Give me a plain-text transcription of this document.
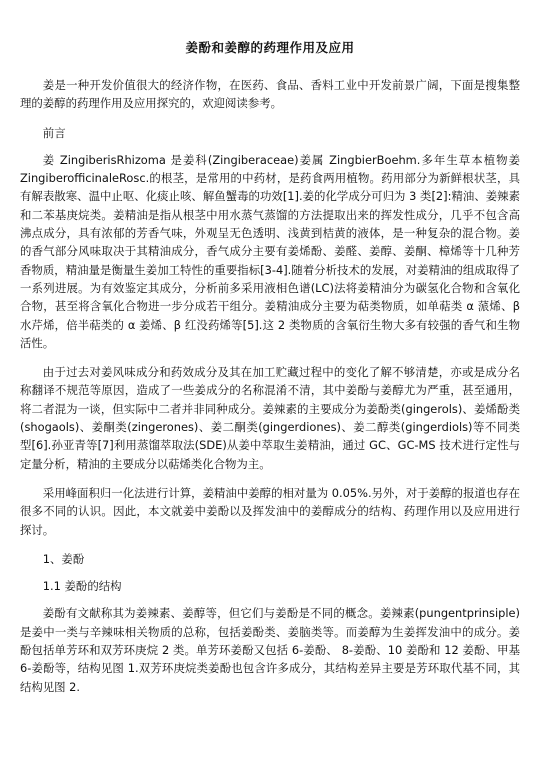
姜酚和姜醇的药理作用及应用

姜是一种开发价值很大的经济作物，在医药、食品、香料工业中开发前景广阔，下面是搜集整理的姜醇的药理作用及应用探究的，欢迎阅读参考。

前言

姜 ZingiberisRhizoma 是姜科(Zingiberaceae)姜属 ZingbierBoehm.多年生草本植物姜 ZingiberofficinaleRosc.的根茎，是常用的中药材，是药食两用植物。药用部分为新鲜根状茎，具有解表散寒、温中止呕、化痰止咳、解鱼蟹毒的功效[1].姜的化学成分可归为 3 类[2]:精油、姜辣素和二苯基庚烷类。姜精油是指从根茎中用水蒸气蒸馏的方法提取出来的挥发性成分，几乎不包含高沸点成分，具有浓郁的芳香气味，外观呈无色透明、浅黄到桔黄的液体，是一种复杂的混合物。姜的香气部分风味取决于其精油成分，香气成分主要有姜烯酚、姜醛、姜醇、姜酮、樟烯等十几种芳香物质，精油量是衡量生姜加工特性的重要指标[3-4].随着分析技术的发展，对姜精油的组成取得了一系列进展。为有效鉴定其成分，分析前多采用液相色谱(LC)法将姜精油分为碳氢化合物和含氧化合物，甚至将含氧化合物进一步分成若干组分。姜精油成分主要为萜类物质，如单萜类 α 蒎烯、β 水芹烯，倍半萜类的 α 姜烯、β 红没药烯等[5].这 2 类物质的含氧衍生物大多有较强的香气和生物活性。

由于过去对姜风味成分和药效成分及其在加工贮藏过程中的变化了解不够清楚，亦或是成分名称翻译不规范等原因，造成了一些姜成分的名称混淆不清，其中姜酚与姜醇尤为严重，甚至通用，将二者混为一谈，但实际中二者并非同种成分。姜辣素的主要成分为姜酚类(gingerols)、姜烯酚类(shogaols)、姜酮类(zingerones)、姜二酮类(gingerdiones)、姜二醇类(gingerdiols)等不同类型[6].孙亚青等[7]利用蒸馏萃取法(SDE)从姜中萃取生姜精油，通过 GC、GC-MS 技术进行定性与定量分析，精油的主要成分以萜烯类化合物为主。

采用峰面积归一化法进行计算，姜精油中姜醇的相对量为 0.05%.另外，对于姜醇的报道也存在很多不同的认识。因此，本文就姜中姜酚以及挥发油中的姜醇成分的结构、药理作用以及应用进行探讨。

1、姜酚
1.1 姜酚的结构

姜酚有文献称其为姜辣素、姜醇等，但它们与姜酚是不同的概念。姜辣素(pungentprinsiple)是姜中一类与辛辣味相关物质的总称，包括姜酚类、姜脑类等。而姜醇为生姜挥发油中的成分。姜酚包括单芳环和双芳环庚烷 2 类。单芳环姜酚又包括 6-姜酚、 8-姜酚、10 姜酚和 12 姜酚、甲基 6-姜酚等，结构见图 1.双芳环庚烷类姜酚也包含许多成分，其结构差异主要是芳环取代基不同，其结构见图 2.
